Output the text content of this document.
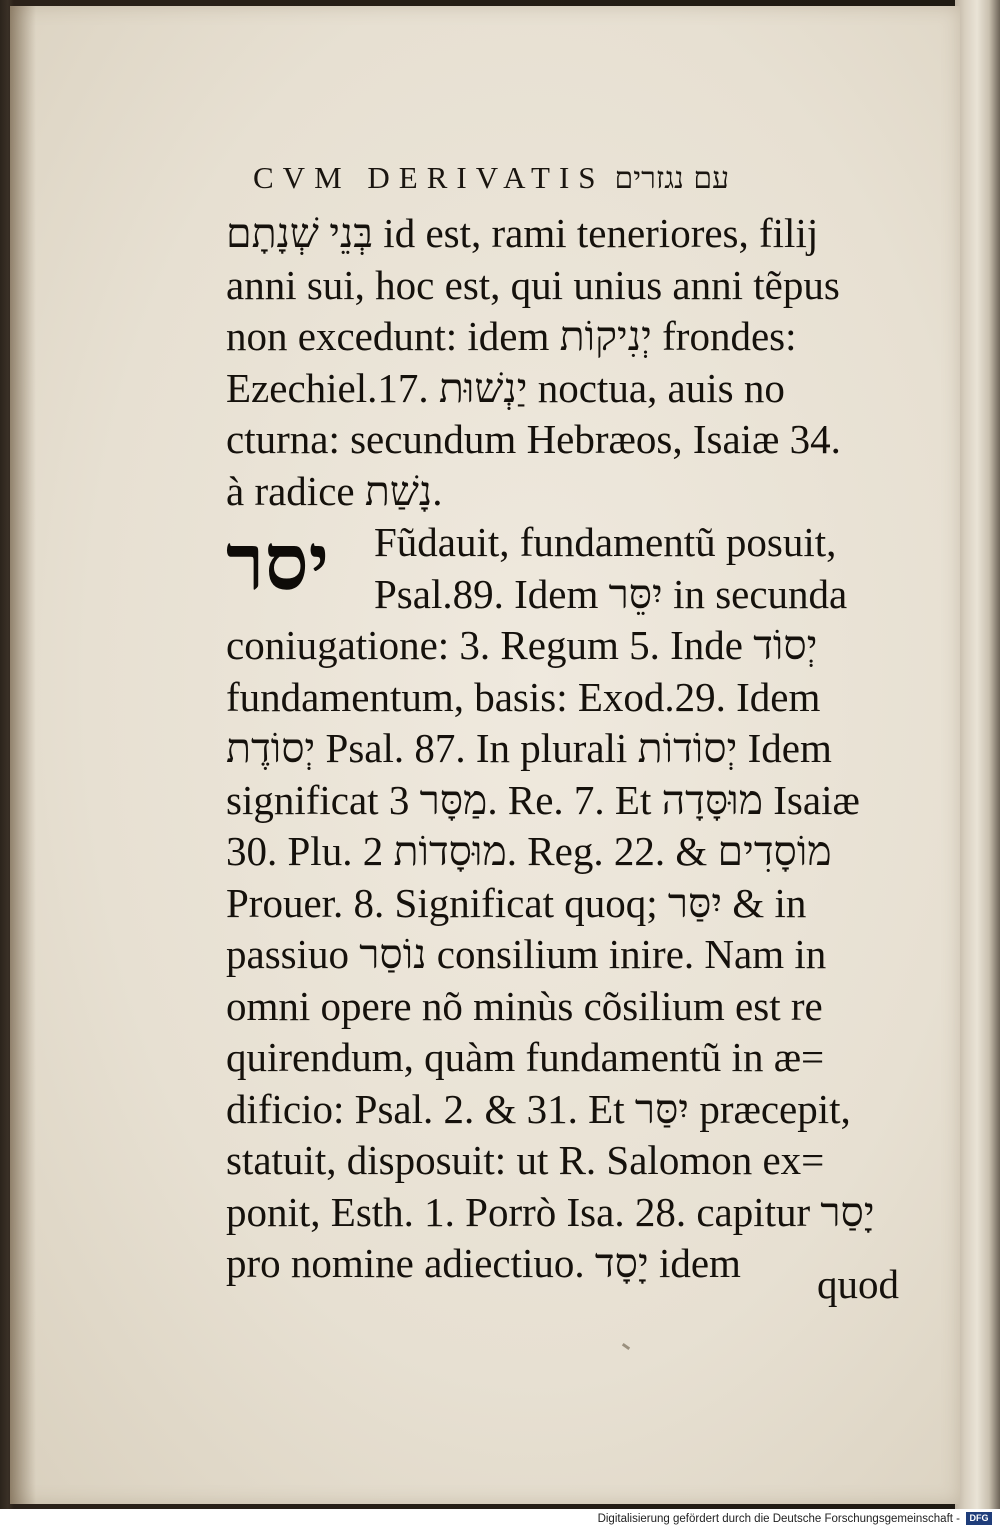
CVM DERIVATIS עם נגזרים
יסר
בְּנֵי שְׁנָתָם id est, rami teneriores, filij
anni sui, hoc est, qui unius anni tẽpus
non excedunt: idem יְנִיקוֹת frondes:
Ezechiel.17. יַנְשׁוּת noctua, auis no
cturna: secundum Hebræos, Isaiæ 34.
à radice נָשַׁת.
Fũdauit, fundamentũ posuit,
Psal.89. Idem יִסֵּר in secunda
coniugatione: 3. Regum 5. Inde יְסוֹד
fundamentum, basis: Exod.29. Idem
יְסוֹדֶת Psal. 87. In plurali יְסוֹדוֹת Idem
significat מַסָּר 3. Re. 7. Et מוּסָּדָה Isaiæ
30. Plu. מוּסָדוֹת 2. Reg. 22. & מוֹסָדִים
Prouer. 8. Significat quoq; יִסַּר & in
passiuo נוֹסַר consilium inire. Nam in
omni opere nõ minùs cõsilium est re
quirendum, quàm fundamentũ in æ=
dificio: Psal. 2. & 31. Et יִסַּר præcepit,
statuit, disposuit: ut R. Salomon ex=
ponit, Esth. 1. Porrò Isa. 28. capitur יָסַר
pro nomine adiectiuo. יָסָד idem	quod
Digitalisierung gefördert durch die Deutsche Forschungsgemeinschaft -	DFG
